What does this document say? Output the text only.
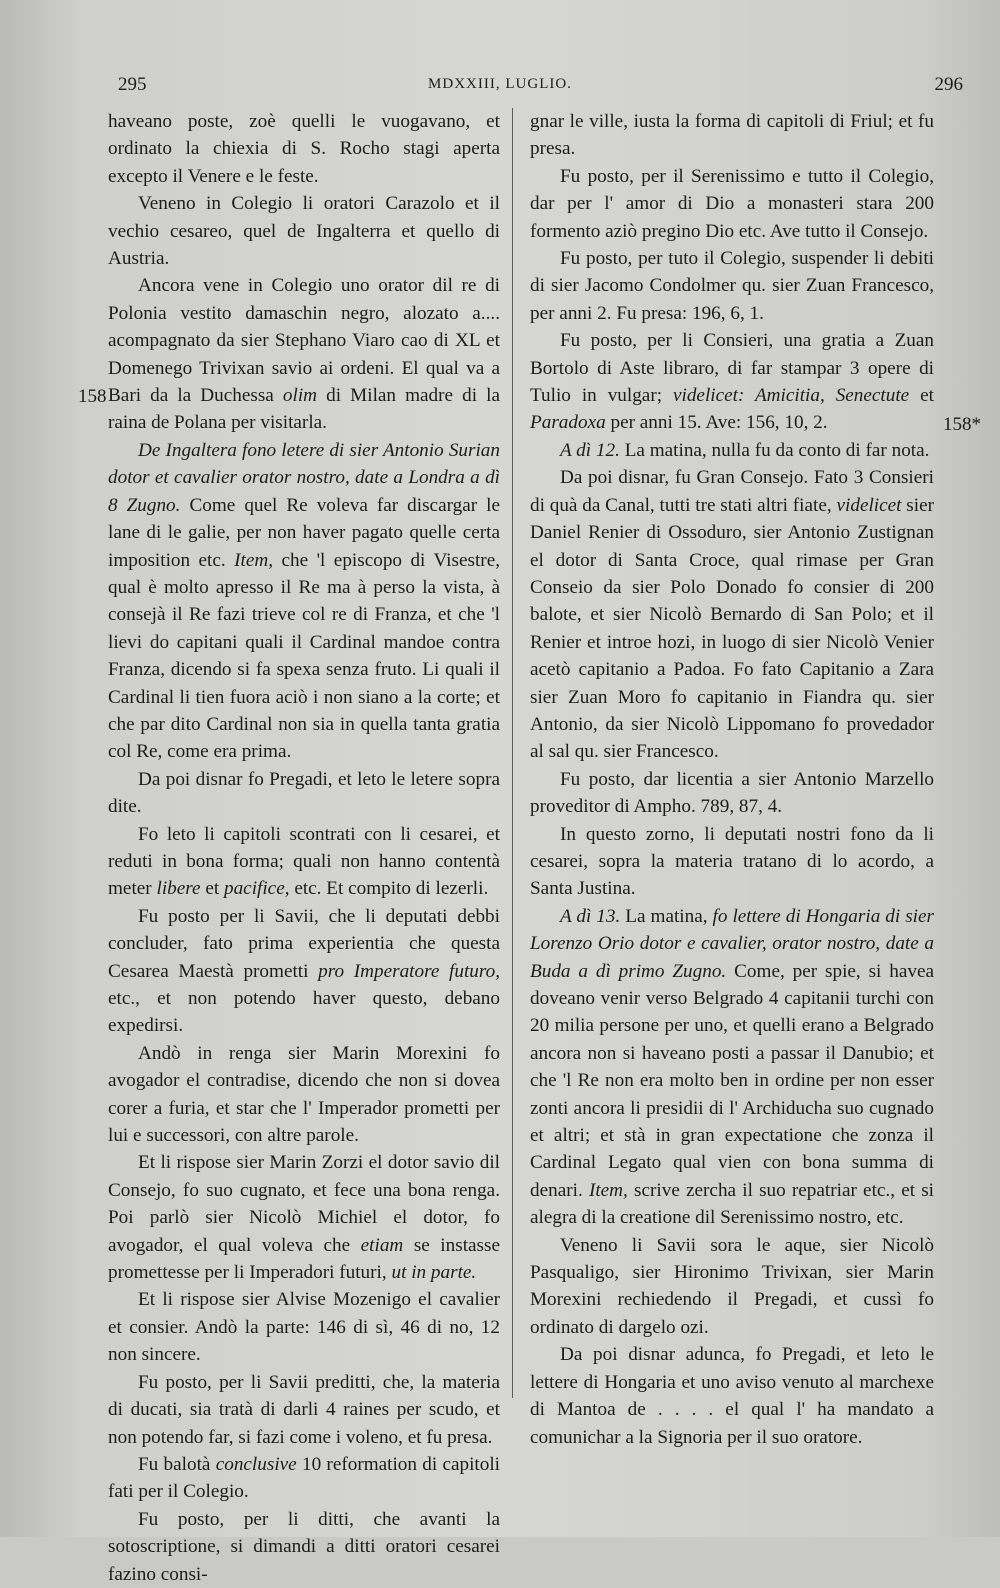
295	MDXXIII, LUGLIO.	296
158
158*

haveano poste, zoè quelli le vuogavano, et ordinato la chiexia di S. Rocho stagi aperta excepto il Venere e le feste.

Veneno in Colegio li oratori Carazolo et il vechio cesareo, quel de Ingalterra et quello di Austria.

Ancora vene in Colegio uno orator dil re di Polonia vestito damaschin negro, alozato a.... acompagnato da sier Stephano Viaro cao di XL et Domenego Trivixan savio ai ordeni. El qual va a Bari da la Duchessa olim di Milan madre di la raina de Polana per visitarla.

De Ingaltera fono letere di sier Antonio Surian dotor et cavalier orator nostro, date a Londra a dì 8 Zugno. Come quel Re voleva far discargar le lane di le galie, per non haver pagato quelle certa imposition etc. Item, che 'l episcopo di Visestre, qual è molto apresso il Re ma à perso la vista, à consejà il Re fazi trieve col re di Franza, et che 'l lievi do capitani quali il Cardinal mandoe contra Franza, dicendo si fa spexa senza fruto. Li quali il Cardinal li tien fuora aciò i non siano a la corte; et che par dito Cardinal non sia in quella tanta gratia col Re, come era prima.

Da poi disnar fo Pregadi, et leto le letere sopra dite.

Fo leto li capitoli scontrati con li cesarei, et reduti in bona forma; quali non hanno contentà meter libere et pacifice, etc. Et compito di lezerli.

Fu posto per li Savii, che li deputati debbi concluder, fato prima experientia che questa Cesarea Maestà prometti pro Imperatore futuro, etc., et non potendo haver questo, debano expedirsi.

Andò in renga sier Marin Morexini fo avogador el contradise, dicendo che non si dovea corer a furia, et star che l' Imperador prometti per lui e successori, con altre parole.

Et li rispose sier Marin Zorzi el dotor savio dil Consejo, fo suo cugnato, et fece una bona renga. Poi parlò sier Nicolò Michiel el dotor, fo avogador, el qual voleva che etiam se instasse promettesse per li Imperadori futuri, ut in parte.

Et li rispose sier Alvise Mozenigo el cavalier et consier. Andò la parte: 146 di sì, 46 di no, 12 non sincere.

Fu posto, per li Savii preditti, che, la materia di ducati, sia tratà di darli 4 raines per scudo, et non potendo far, si fazi come i voleno, et fu presa.

Fu balotà conclusive 10 reformation di capitoli fati per il Colegio.

Fu posto, per li ditti, che avanti la sotoscriptione, si dimandi a ditti oratori cesarei fazino consi-

gnar le ville, iusta la forma di capitoli di Friul; et fu presa.

Fu posto, per il Serenissimo e tutto il Colegio, dar per l' amor di Dio a monasteri stara 200 formento aziò pregino Dio etc. Ave tutto il Consejo.

Fu posto, per tuto il Colegio, suspender li debiti di sier Jacomo Condolmer qu. sier Zuan Francesco, per anni 2. Fu presa: 196, 6, 1.

Fu posto, per li Consieri, una gratia a Zuan Bortolo di Aste libraro, di far stampar 3 opere di Tulio in vulgar; videlicet: Amicitia, Senectute et Paradoxa per anni 15. Ave: 156, 10, 2.

A dì 12. La matina, nulla fu da conto di far nota.

Da poi disnar, fu Gran Consejo. Fato 3 Consieri di quà da Canal, tutti tre stati altri fiate, videlicet sier Daniel Renier di Ossoduro, sier Antonio Zustignan el dotor di Santa Croce, qual rimase per Gran Conseio da sier Polo Donado fo consier di 200 balote, et sier Nicolò Bernardo di San Polo; et il Renier et introe hozi, in luogo di sier Nicolò Venier acetò capitanio a Padoa. Fo fato Capitanio a Zara sier Zuan Moro fo capitanio in Fiandra qu. sier Antonio, da sier Nicolò Lippomano fo provedador al sal qu. sier Francesco.

Fu posto, dar licentia a sier Antonio Marzello proveditor di Ampho. 789, 87, 4.

In questo zorno, li deputati nostri fono da li cesarei, sopra la materia tratano di lo acordo, a Santa Justina.

A dì 13. La matina, fo lettere di Hongaria di sier Lorenzo Orio dotor e cavalier, orator nostro, date a Buda a dì primo Zugno. Come, per spie, si havea doveano venir verso Belgrado 4 capitanii turchi con 20 milia persone per uno, et quelli erano a Belgrado ancora non si haveano posti a passar il Danubio; et che 'l Re non era molto ben in ordine per non esser zonti ancora li presidii di l' Archiducha suo cugnado et altri; et stà in gran expectatione che zonza il Cardinal Legato qual vien con bona summa di denari. Item, scrive zercha il suo repatriar etc., et si alegra di la creatione dil Serenissimo nostro, etc.

Veneno li Savii sora le aque, sier Nicolò Pasqualigo, sier Hironimo Trivixan, sier Marin Morexini rechiedendo il Pregadi, et cussì fo ordinato di dargelo ozi.

Da poi disnar aduncа, fo Pregadi, et leto le lettere di Hongaria et uno aviso venuto al marchexe di Mantoa de . . . . el qual l' ha mandato a comunichar a la Signoria per il suo oratore.
